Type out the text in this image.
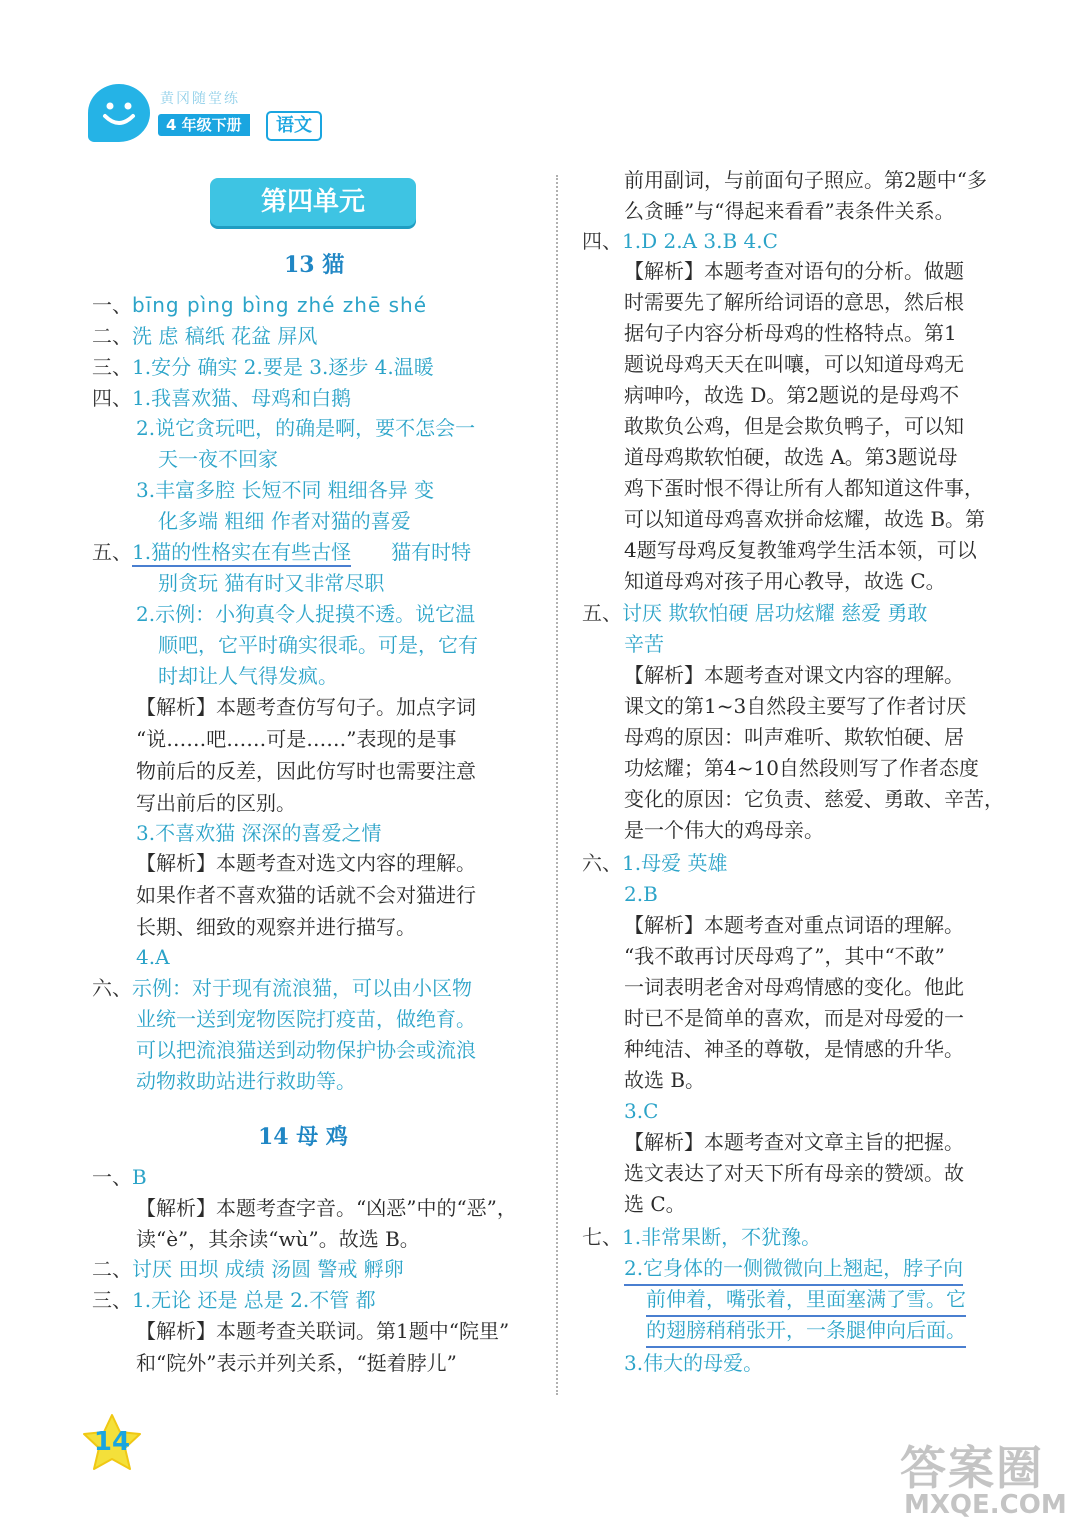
黄冈随堂练
4 年级下册	语文
第四单元
13 猫
一、bīng pìng bìng zhé zhē shé
二、洗 虑 稿纸 花盆 屏风
三、1.安分 确实 2.要是 3.逐步 4.温暖
四、1.我喜欢猫、母鸡和白鹅
2.说它贪玩吧，的确是啊，要不怎会一
天一夜不回家
3.丰富多腔 长短不同 粗细各异 变
化多端 粗细 作者对猫的喜爱
五、1.猫的性格实在有些古怪 猫有时特
别贪玩 猫有时又非常尽职
2.示例：小狗真令人捉摸不透。说它温
顺吧，它平时确实很乖。可是，它有
时却让人气得发疯。
【解析】本题考查仿写句子。加点字词
“说……吧……可是……”表现的是事
物前后的反差，因此仿写时也需要注意
写出前后的区别。
3.不喜欢猫 深深的喜爱之情
【解析】本题考查对选文内容的理解。
如果作者不喜欢猫的话就不会对猫进行
长期、细致的观察并进行描写。
4.A
六、示例：对于现有流浪猫，可以由小区物
业统一送到宠物医院打疫苗，做绝育。
可以把流浪猫送到动物保护协会或流浪
动物救助站进行救助等。
14 母 鸡
一、B
【解析】本题考查字音。“凶恶”中的“恶”，
读“è”，其余读“wù”。故选 B。
二、讨厌 田坝 成绩 汤圆 警戒 孵卵
三、1.无论 还是 总是 2.不管 都
【解析】本题考查关联词。第1题中“院里”
和“院外”表示并列关系，“挺着脖儿”
前用副词，与前面句子照应。第2题中“多
么贪睡”与“得起来看看”表条件关系。
四、1.D 2.A 3.B 4.C
【解析】本题考查对语句的分析。做题
时需要先了解所给词语的意思，然后根
据句子内容分析母鸡的性格特点。第1
题说母鸡天天在叫嚷，可以知道母鸡无
病呻吟，故选 D。第2题说的是母鸡不
敢欺负公鸡，但是会欺负鸭子，可以知
道母鸡欺软怕硬，故选 A。第3题说母
鸡下蛋时恨不得让所有人都知道这件事，
可以知道母鸡喜欢拼命炫耀，故选 B。第
4题写母鸡反复教雏鸡学生活本领，可以
知道母鸡对孩子用心教导，故选 C。
五、讨厌 欺软怕硬 居功炫耀 慈爱 勇敢
辛苦
【解析】本题考查对课文内容的理解。
课文的第1~3自然段主要写了作者讨厌
母鸡的原因：叫声难听、欺软怕硬、居
功炫耀；第4~10自然段则写了作者态度
变化的原因：它负责、慈爱、勇敢、辛苦，
是一个伟大的鸡母亲。
六、1.母爱 英雄
2.B
【解析】本题考查对重点词语的理解。
“我不敢再讨厌母鸡了”，其中“不敢”
一词表明老舍对母鸡情感的变化。他此
时已不是简单的喜欢，而是对母爱的一
种纯洁、神圣的尊敬，是情感的升华。
故选 B。
3.C
【解析】本题考查对文章主旨的把握。
选文表达了对天下所有母亲的赞颂。故
选 C。
七、1.非常果断，不犹豫。
2.它身体的一侧微微向上翘起，脖子向
前伸着，嘴张着，里面塞满了雪。它
的翅膀稍稍张开，一条腿伸向后面。
3.伟大的母爱。
14	答案圈
MXQE.COM
